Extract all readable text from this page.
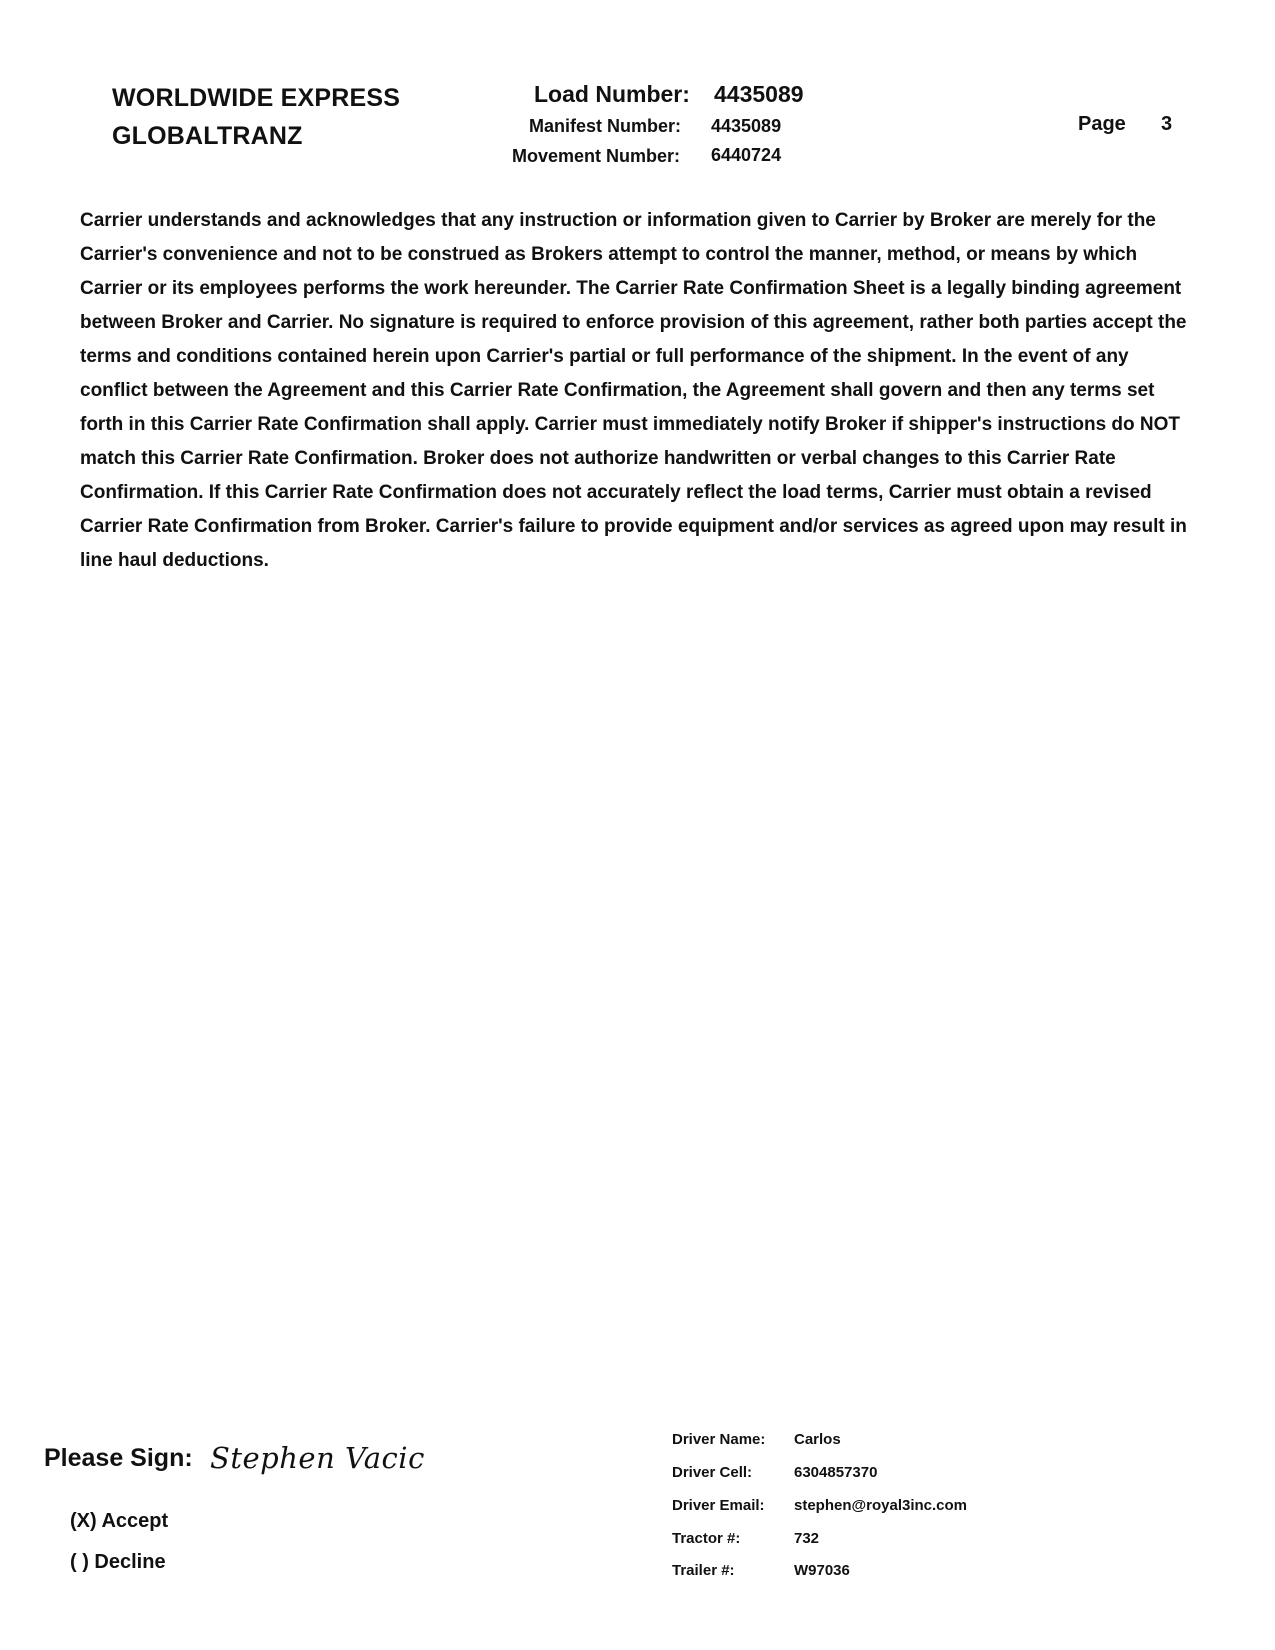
WORLDWIDE EXPRESS
GLOBALTRANZ
Load Number: 4435089
Manifest Number: 4435089
Movement Number: 6440724
Page 3
Carrier understands and acknowledges that any instruction or information given to Carrier by Broker are merely for the Carrier's convenience and not to be construed as Brokers attempt to control the manner, method, or means by which Carrier or its employees performs the work hereunder. The Carrier Rate Confirmation Sheet is a legally binding agreement between Broker and Carrier. No signature is required to enforce provision of this agreement, rather both parties accept the terms and conditions contained herein upon Carrier's partial or full performance of the shipment. In the event of any conflict between the Agreement and this Carrier Rate Confirmation, the Agreement shall govern and then any terms set forth in this Carrier Rate Confirmation shall apply. Carrier must immediately notify Broker if shipper's instructions do NOT match this Carrier Rate Confirmation. Broker does not authorize handwritten or verbal changes to this Carrier Rate Confirmation. If this Carrier Rate Confirmation does not accurately reflect the load terms, Carrier must obtain a revised Carrier Rate Confirmation from Broker. Carrier's failure to provide equipment and/or services as agreed upon may result in line haul deductions.
Please Sign: Stephen Vacic
(X) Accept
( ) Decline
Driver Name: Carlos
Driver Cell:	6304857370
Driver Email: stephen@royal3inc.com
Tractor #:	732
Trailer #:	W97036
